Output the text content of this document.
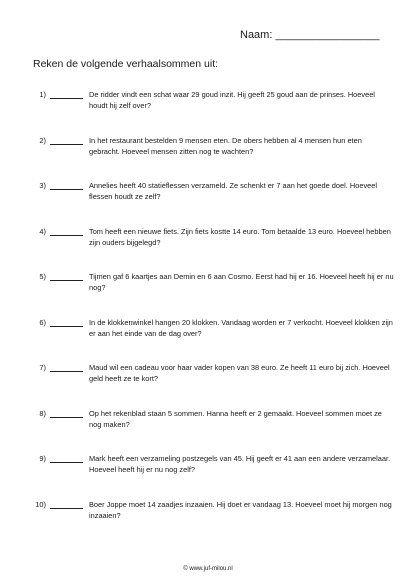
Naam: _________________
Reken de volgende verhaalsommen uit:
1)	De ridder vindt een schat waar 29 goud inzit. Hij geeft 25 goud aan de prinses. Hoeveel houdt hij zelf over?
2)	In het restaurant bestelden 9 mensen eten. De obers hebben al 4 mensen hun eten gebracht. Hoeveel mensen zitten nog te wachten?
3)	Annelies heeft 40 statieflessen verzameld. Ze schenkt er 7 aan het goede doel. Hoeveel flessen houdt ze zelf?
4)	Tom heeft een nieuwe fiets. Zijn fiets kostte 14 euro. Tom betaalde 13 euro. Hoeveel hebben zijn ouders bijgelegd?
5)	Tijmen gaf 6 kaartjes aan Demin en 6 aan Cosmo. Eerst had hij er 16. Hoeveel heeft hij er nu nog?
6)	In de klokkenwinkel hangen 20 klokken. Vandaag worden er 7 verkocht. Hoeveel klokken zijn er aan het einde van de dag over?
7)	Maud wil een cadeau voor haar vader kopen van 38 euro. Ze heeft 11 euro bij zich. Hoeveel geld heeft ze te kort?
8)	Op het rekenblad staan 5 sommen. Hanna heeft er 2 gemaakt. Hoeveel sommen moet ze nog maken?
9)	Mark heeft een verzameling postzegels van 45. Hij geeft er 41 aan een andere verzamelaar. Hoeveel heeft hij er nu nog zelf?
10)	Boer Joppe moet 14 zaadjes inzaaien. Hij doet er vandaag 13. Hoeveel moet hij morgen nog inzaaien?
© www.juf-milou.nl
